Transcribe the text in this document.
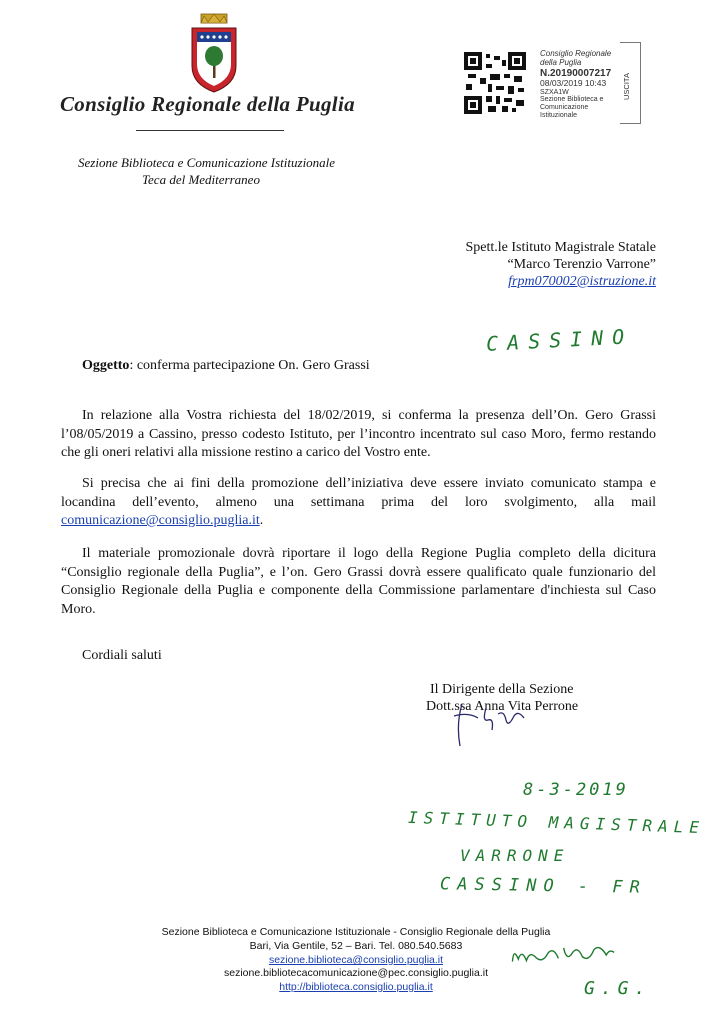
Consiglio Regionale della Puglia
Sezione Biblioteca e Comunicazione Istituzionale
Teca del Mediterraneo
Consiglio Regionale
della Puglia
N.20190007217
08/03/2019 10:43
SZXA1W
Sezione Biblioteca e
Comunicazione Istituzionale
USCITA
Spett.le Istituto Magistrale Statale
“Marco Terenzio Varrone”
frpm070002@istruzione.it
CASSINO
Oggetto: conferma partecipazione On. Gero Grassi

In relazione alla Vostra richiesta del 18/02/2019, si conferma la presenza dell’On. Gero Grassi l’08/05/2019 a Cassino, presso codesto Istituto, per l’incontro incentrato sul caso Moro, fermo restando che gli oneri relativi alla missione restino a carico del Vostro ente.

Si precisa che ai fini della promozione dell’iniziativa deve essere inviato comunicato stampa e locandina dell’evento, almeno una settimana prima del loro svolgimento, alla mail comunicazione@consiglio.puglia.it.

Il materiale promozionale dovrà riportare il logo della Regione Puglia completo della dicitura “Consiglio regionale della Puglia”, e l’on. Gero Grassi dovrà essere qualificato quale funzionario del Consiglio Regionale della Puglia e componente della Commissione parlamentare d'inchiesta sul Caso Moro.

Cordiali saluti
Il Dirigente della Sezione
Dott.ssa Anna Vita Perrone
8-3-2019
ISTITUTO MAGISTRALE
VARRONE
CASSINO - FR
G.G.
Sezione Biblioteca e Comunicazione Istituzionale - Consiglio Regionale della Puglia
Bari, Via Gentile, 52 – Bari. Tel. 080.540.5683
sezione.biblioteca@consiglio.puglia.it
sezione.bibliotecacomunicazione@pec.consiglio.puglia.it
http://biblioteca.consiglio.puglia.it
